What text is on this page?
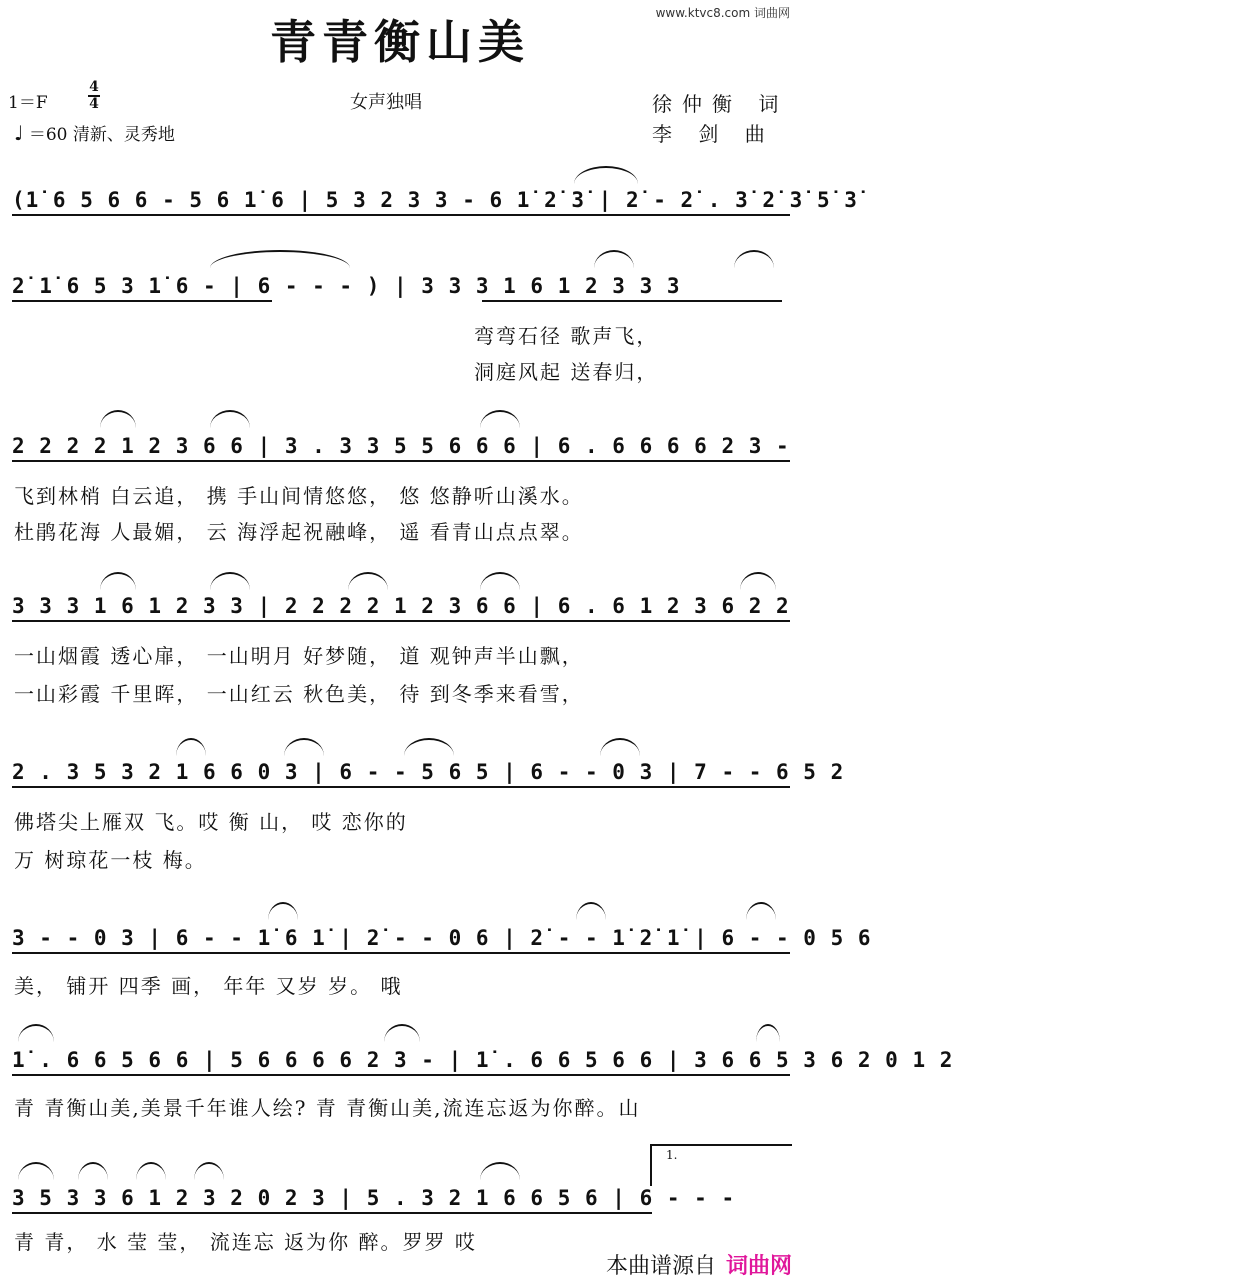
www.ktvc8.com 词曲网
青青衡山美
1＝F
4
4
♩ ＝60 清新、灵秀地
女声独唱	徐仲衡 词
李 剑 曲
(1̇ 6 5 6 6 - 5 6 1̇ 6 | 5 3 2 3 3 - 6 1̇ 2̇ 3̇ | 2̇ - 2̇ . 3̇ 2̇ 3̇ 5̇ 3̇
2̇ 1̇ 6 5 3 1̇ 6 - | 6 - - - ) | 3 3 3 1 6 1 2 3 3 3
弯弯石径 歌声飞，
洞庭风起 送春归，
2 2 2 2 1 2 3 6 6 | 3 . 3 3 5 5 6 6 6 | 6 . 6 6 6 6 2 3 -
飞到林梢 白云追， 携 手山间情悠悠， 悠 悠静听山溪水。
杜鹃花海 人最媚， 云 海浮起祝融峰， 遥 看青山点点翠。
3 3 3 1 6 1 2 3 3 | 2 2 2 2 1 2 3 6 6 | 6 . 6 1 2 3 6 2 2
一山烟霞 透心扉， 一山明月 好梦随， 道 观钟声半山飘，
一山彩霞 千里晖， 一山红云 秋色美， 待 到冬季来看雪，
2 . 3 5 3 2 1 6 6 0 3 | 6 - - 5 6 5 | 6 - - 0 3 | 7 - - 6 5 2
佛塔尖上雁双 飞。哎 衡 山， 哎 恋你的
万 树琼花一枝 梅。
3 - - 0 3 | 6 - - 1̇ 6 1̇ | 2̇ - - 0 6 | 2̇ - - 1̇ 2̇ 1̇ | 6 - - 0 5 6
美， 铺开 四季 画， 年年 又岁 岁。 哦
1̇ . 6 6 5 6 6 | 5 6 6 6 6 2 3 - | 1̇ . 6 6 5 6 6 | 3 6 6 5 3 6 2 0 1 2
青 青衡山美,美景千年谁人绘? 青 青衡山美,流连忘返为你醉。山
3 5 3 3 6 1 2 3 2 0 2 3 | 5 . 3 2 1 6 6 5 6 | 6 - - -
1.
青 青， 水 莹 莹， 流连忘 返为你 醉。罗罗 哎
本曲谱源自 词曲网
